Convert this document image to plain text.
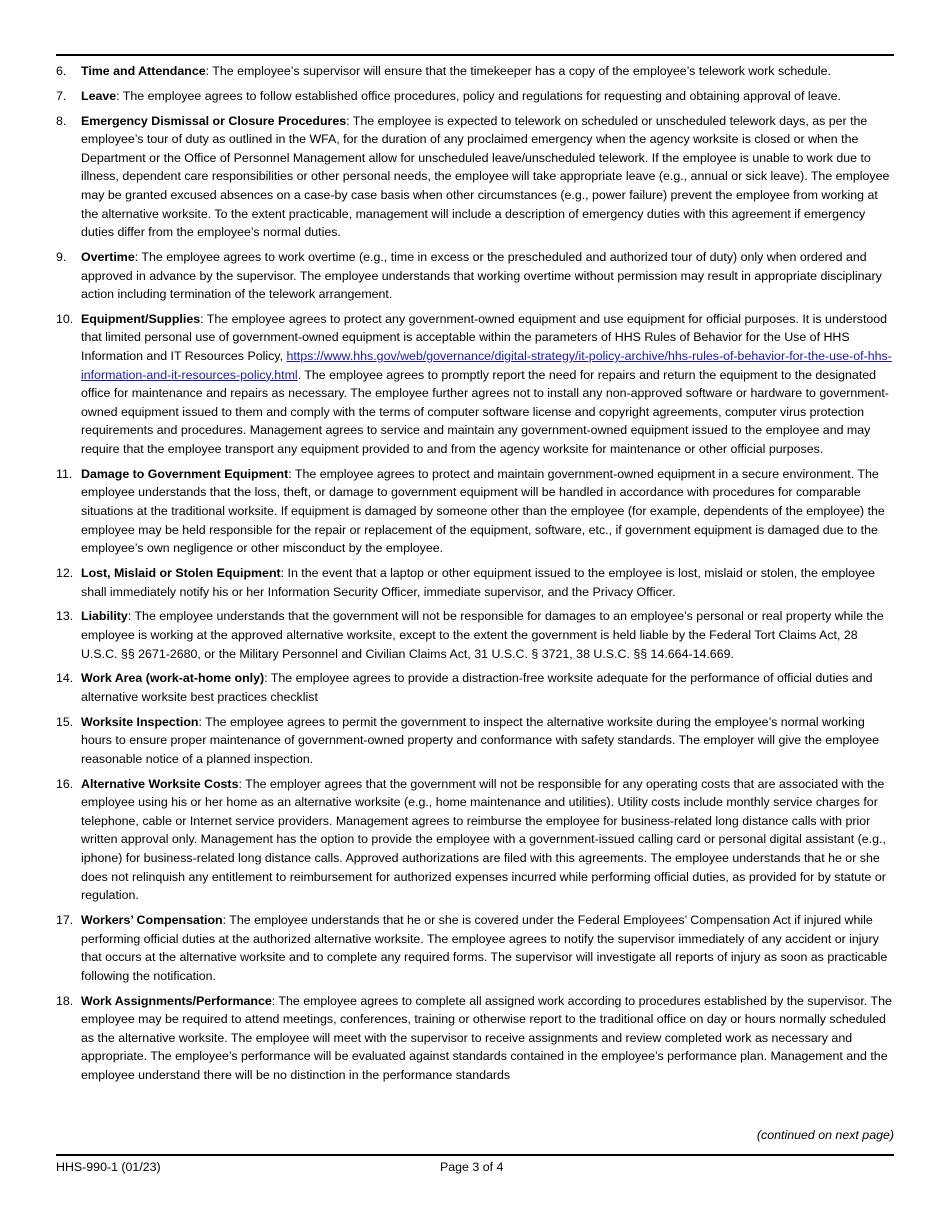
6. Time and Attendance: The employee’s supervisor will ensure that the timekeeper has a copy of the employee’s telework work schedule.
7. Leave: The employee agrees to follow established office procedures, policy and regulations for requesting and obtaining approval of leave.
8. Emergency Dismissal or Closure Procedures: The employee is expected to telework on scheduled or unscheduled telework days, as per the employee’s tour of duty as outlined in the WFA, for the duration of any proclaimed emergency when the agency worksite is closed or when the Department or the Office of Personnel Management allow for unscheduled leave/unscheduled telework. If the employee is unable to work due to illness, dependent care responsibilities or other personal needs, the employee will take appropriate leave (e.g., annual or sick leave). The employee may be granted excused absences on a case-by case basis when other circumstances (e.g., power failure) prevent the employee from working at the alternative worksite. To the extent practicable, management will include a description of emergency duties with this agreement if emergency duties differ from the employee’s normal duties.
9. Overtime: The employee agrees to work overtime (e.g., time in excess or the prescheduled and authorized tour of duty) only when ordered and approved in advance by the supervisor. The employee understands that working overtime without permission may result in appropriate disciplinary action including termination of the telework arrangement.
10. Equipment/Supplies: The employee agrees to protect any government-owned equipment and use equipment for official purposes. It is understood that limited personal use of government-owned equipment is acceptable within the parameters of HHS Rules of Behavior for the Use of HHS Information and IT Resources Policy, https://www.hhs.gov/web/governance/digital-strategy/it-policy-archive/hhs-rules-of-behavior-for-the-use-of-hhs-information-and-it-resources-policy.html. The employee agrees to promptly report the need for repairs and return the equipment to the designated office for maintenance and repairs as necessary. The employee further agrees not to install any non-approved software or hardware to government-owned equipment issued to them and comply with the terms of computer software license and copyright agreements, computer virus protection requirements and procedures. Management agrees to service and maintain any government-owned equipment issued to the employee and may require that the employee transport any equipment provided to and from the agency worksite for maintenance or other official purposes.
11. Damage to Government Equipment: The employee agrees to protect and maintain government-owned equipment in a secure environment. The employee understands that the loss, theft, or damage to government equipment will be handled in accordance with procedures for comparable situations at the traditional worksite. If equipment is damaged by someone other than the employee (for example, dependents of the employee) the employee may be held responsible for the repair or replacement of the equipment, software, etc., if government equipment is damaged due to the employee’s own negligence or other misconduct by the employee.
12. Lost, Mislaid or Stolen Equipment: In the event that a laptop or other equipment issued to the employee is lost, mislaid or stolen, the employee shall immediately notify his or her Information Security Officer, immediate supervisor, and the Privacy Officer.
13. Liability: The employee understands that the government will not be responsible for damages to an employee’s personal or real property while the employee is working at the approved alternative worksite, except to the extent the government is held liable by the Federal Tort Claims Act, 28 U.S.C. §§ 2671-2680, or the Military Personnel and Civilian Claims Act, 31 U.S.C. § 3721, 38 U.S.C. §§ 14.664-14.669.
14. Work Area (work-at-home only): The employee agrees to provide a distraction-free worksite adequate for the performance of official duties and alternative worksite best practices checklist
15. Worksite Inspection: The employee agrees to permit the government to inspect the alternative worksite during the employee’s normal working hours to ensure proper maintenance of government-owned property and conformance with safety standards. The employer will give the employee reasonable notice of a planned inspection.
16. Alternative Worksite Costs: The employer agrees that the government will not be responsible for any operating costs that are associated with the employee using his or her home as an alternative worksite (e.g., home maintenance and utilities). Utility costs include monthly service charges for telephone, cable or Internet service providers. Management agrees to reimburse the employee for business-related long distance calls with prior written approval only. Management has the option to provide the employee with a government-issued calling card or personal digital assistant (e.g., iphone) for business-related long distance calls. Approved authorizations are filed with this agreements. The employee understands that he or she does not relinquish any entitlement to reimbursement for authorized expenses incurred while performing official duties, as provided for by statute or regulation.
17. Workers’ Compensation: The employee understands that he or she is covered under the Federal Employees’ Compensation Act if injured while performing official duties at the authorized alternative worksite. The employee agrees to notify the supervisor immediately of any accident or injury that occurs at the alternative worksite and to complete any required forms. The supervisor will investigate all reports of injury as soon as practicable following the notification.
18. Work Assignments/Performance: The employee agrees to complete all assigned work according to procedures established by the supervisor. The employee may be required to attend meetings, conferences, training or otherwise report to the traditional office on day or hours normally scheduled as the alternative worksite. The employee will meet with the supervisor to receive assignments and review completed work as necessary and appropriate. The employee’s performance will be evaluated against standards contained in the employee’s performance plan. Management and the employee understand there will be no distinction in the performance standards
(continued on next page)
HHS-990-1 (01/23)	Page 3 of 4
